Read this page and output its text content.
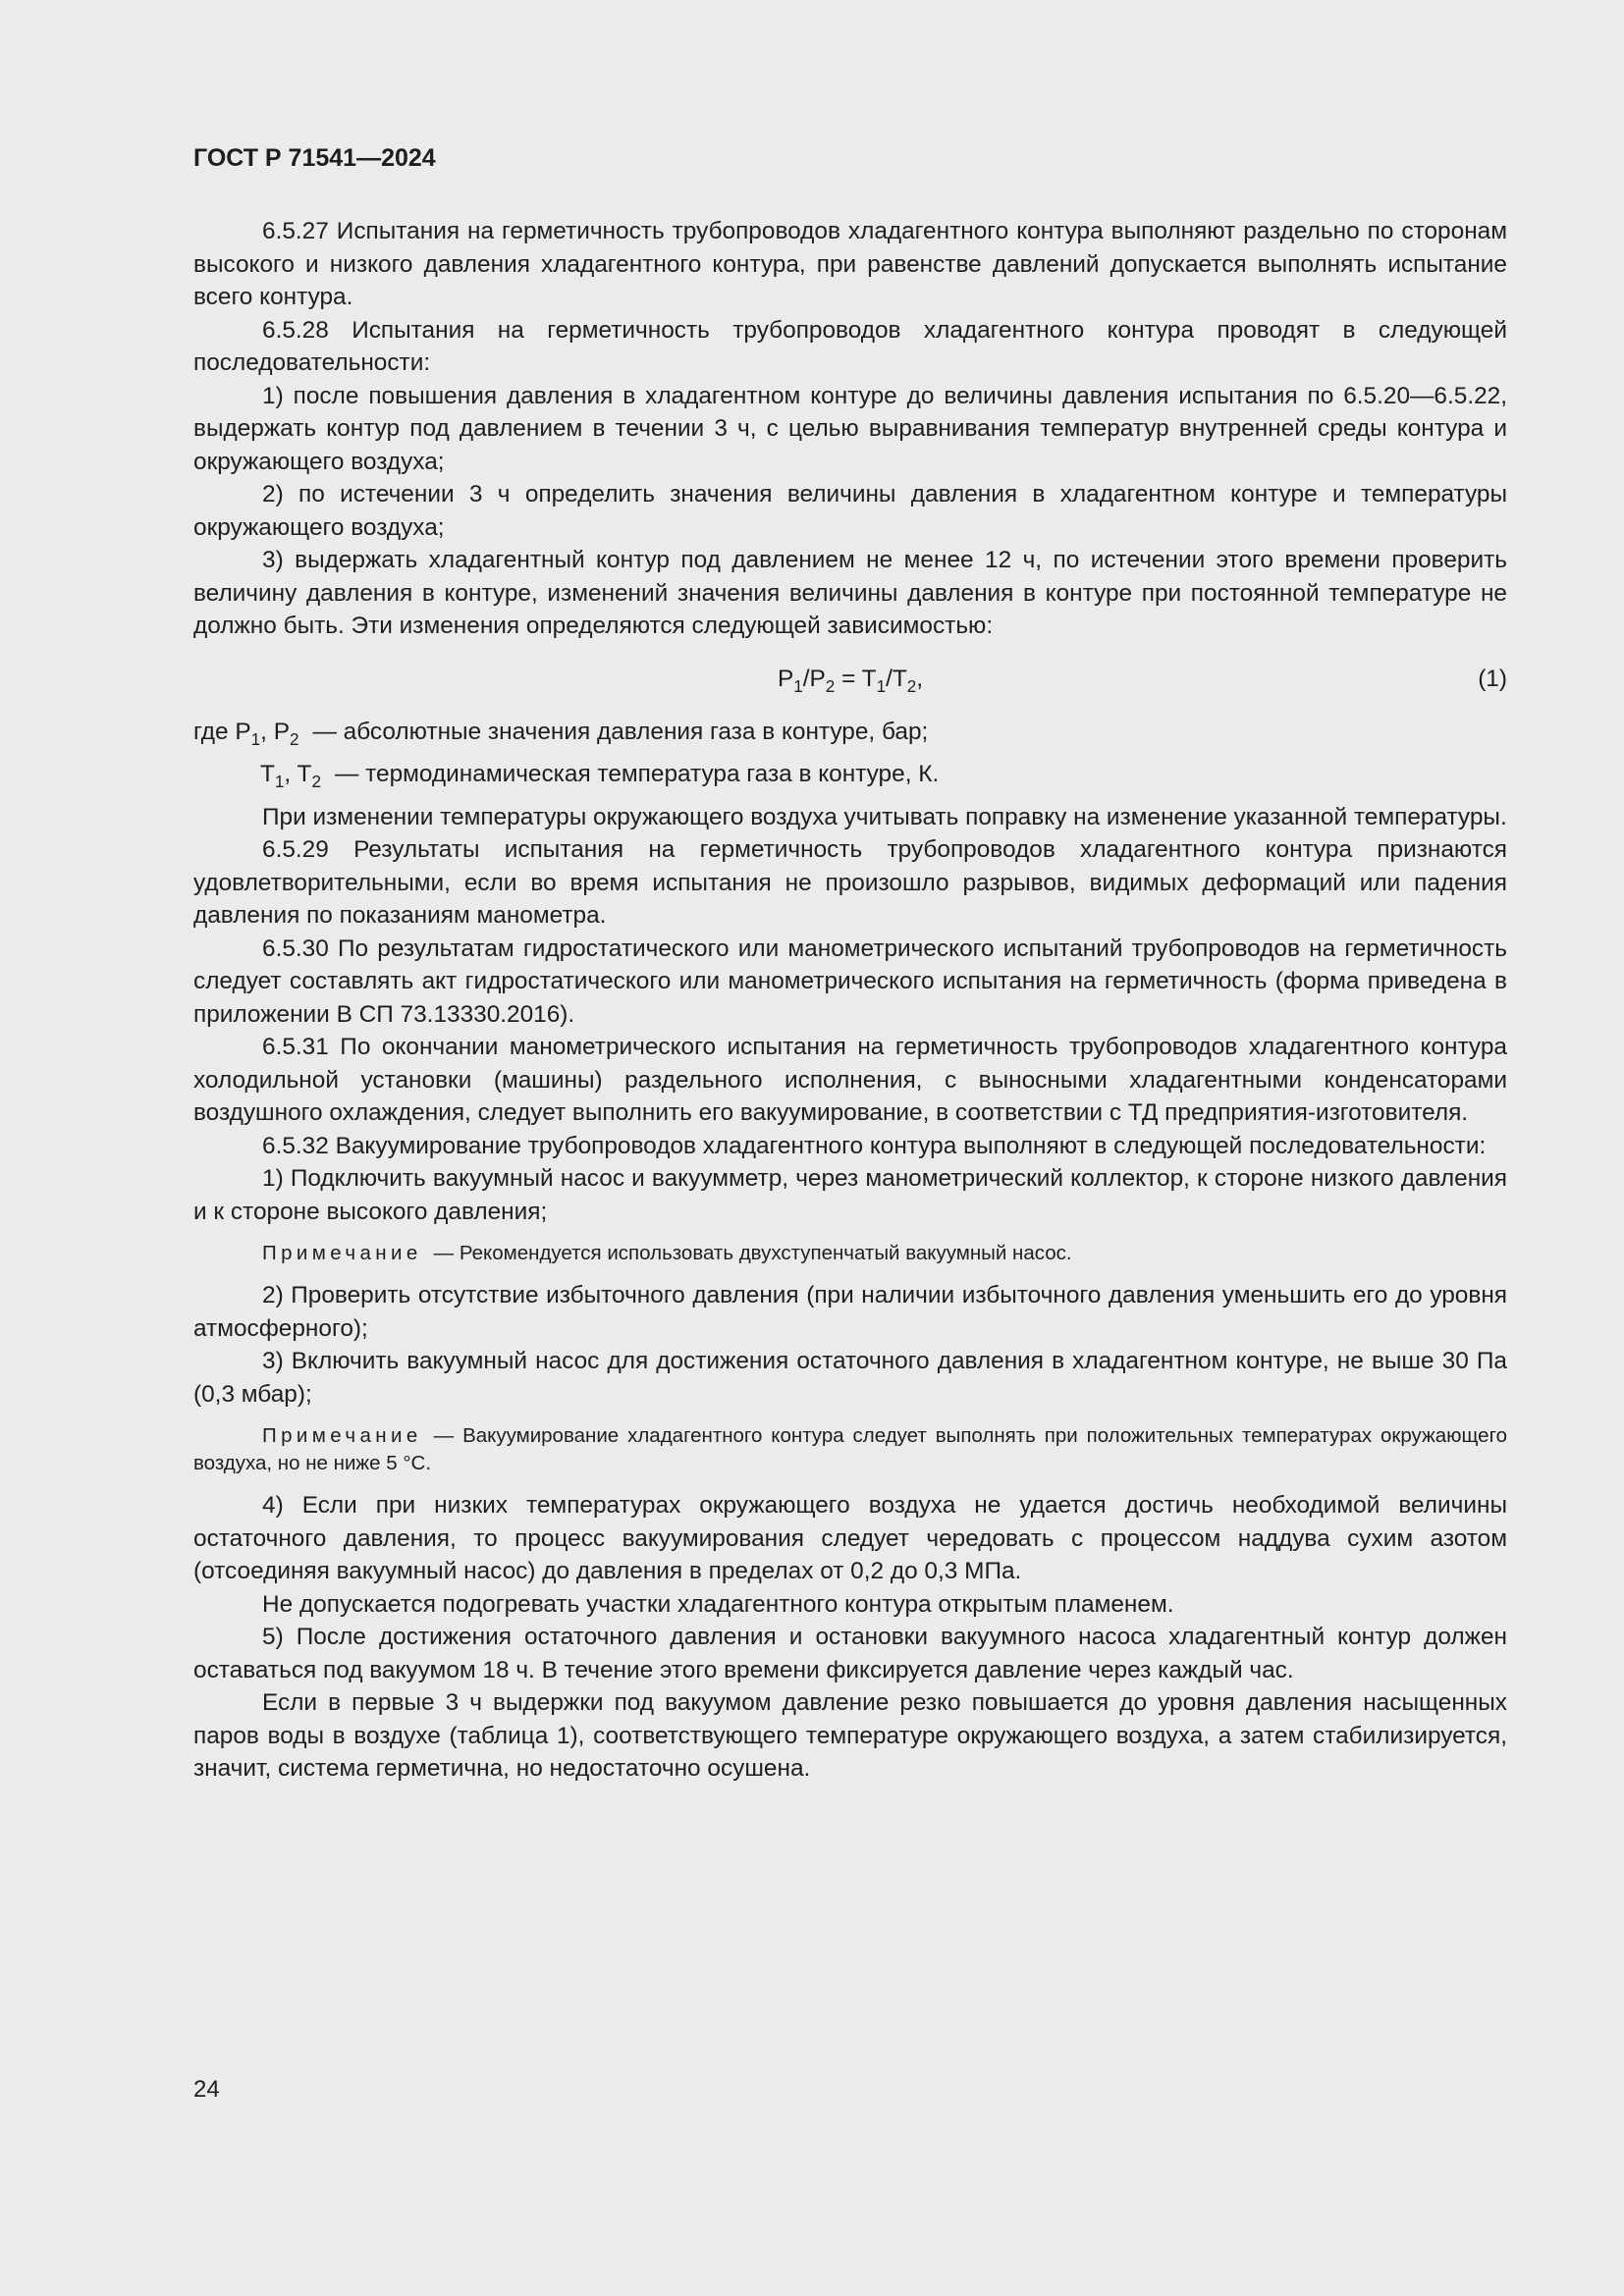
ГОСТ Р 71541—2024

6.5.27 Испытания на герметичность трубопроводов хладагентного контура выполняют раздельно по сторонам высокого и низкого давления хладагентного контура, при равенстве давлений допускается выполнять испытание всего контура.

6.5.28 Испытания на герметичность трубопроводов хладагентного контура проводят в следующей последовательности:

1) после повышения давления в хладагентном контуре до величины давления испытания по 6.5.20—6.5.22, выдержать контур под давлением в течении 3 ч, с целью выравнивания температур внутренней среды контура и окружающего воздуха;

2) по истечении 3 ч определить значения величины давления в хладагентном контуре и температуры окружающего воздуха;

3) выдержать хладагентный контур под давлением не менее 12 ч, по истечении этого времени проверить величину давления в контуре, изменений значения величины давления в контуре при постоянной температуре не должно быть. Эти изменения определяются следующей зависимостью:

$P_1/P_2 = T_1/T_2$,	(1)
где $P_1$, $P_2$ — абсолютные значения давления газа в контуре, бар;
$T_1$, $T_2$ — термодинамическая температура газа в контуре, К.

При изменении температуры окружающего воздуха учитывать поправку на изменение указанной температуры.

6.5.29 Результаты испытания на герметичность трубопроводов хладагентного контура признаются удовлетворительными, если во время испытания не произошло разрывов, видимых деформаций или падения давления по показаниям манометра.

6.5.30 По результатам гидростатического или манометрического испытаний трубопроводов на герметичность следует составлять акт гидростатического или манометрического испытания на герметичность (форма приведена в приложении В СП 73.13330.2016).

6.5.31 По окончании манометрического испытания на герметичность трубопроводов хладагентного контура холодильной установки (машины) раздельного исполнения, с выносными хладагентными конденсаторами воздушного охлаждения, следует выполнить его вакуумирование, в соответствии с ТД предприятия-изготовителя.

6.5.32 Вакуумирование трубопроводов хладагентного контура выполняют в следующей последовательности:

1) Подключить вакуумный насос и вакуумметр, через манометрический коллектор, к стороне низкого давления и к стороне высокого давления;

Примечание — Рекомендуется использовать двухступенчатый вакуумный насос.

2) Проверить отсутствие избыточного давления (при наличии избыточного давления уменьшить его до уровня атмосферного);

3) Включить вакуумный насос для достижения остаточного давления в хладагентном контуре, не выше 30 Па (0,3 мбар);

Примечание — Вакуумирование хладагентного контура следует выполнять при положительных температурах окружающего воздуха, но не ниже 5 °С.

4) Если при низких температурах окружающего воздуха не удается достичь необходимой величины остаточного давления, то процесс вакуумирования следует чередовать с процессом наддува сухим азотом (отсоединяя вакуумный насос) до давления в пределах от 0,2 до 0,3 МПа.

Не допускается подогревать участки хладагентного контура открытым пламенем.

5) После достижения остаточного давления и остановки вакуумного насоса хладагентный контур должен оставаться под вакуумом 18 ч. В течение этого времени фиксируется давление через каждый час.

Если в первые 3 ч выдержки под вакуумом давление резко повышается до уровня давления насыщенных паров воды в воздухе (таблица 1), соответствующего температуре окружающего воздуха, а затем стабилизируется, значит, система герметична, но недостаточно осушена.

24
